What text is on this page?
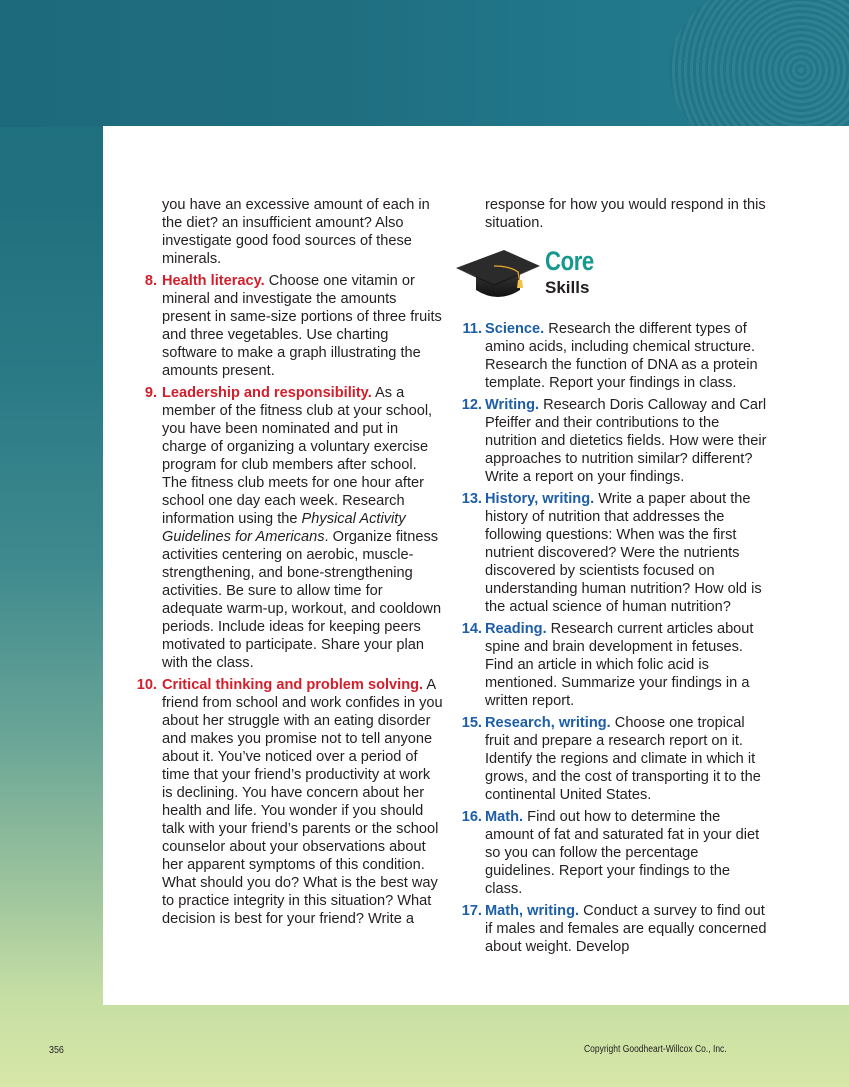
you have an excessive amount of each in the diet? an insufficient amount? Also investigate good food sources of these minerals.
8. Health literacy. Choose one vitamin or mineral and investigate the amounts present in same-size portions of three fruits and three vegetables. Use charting software to make a graph illustrating the amounts present.
9. Leadership and responsibility. As a member of the fitness club at your school, you have been nominated and put in charge of organizing a voluntary exercise program for club members after school. The fitness club meets for one hour after school one day each week. Research information using the Physical Activity Guidelines for Americans. Organize fitness activities centering on aerobic, muscle-strengthening, and bone-strengthening activities. Be sure to allow time for adequate warm-up, workout, and cooldown periods. Include ideas for keeping peers motivated to participate. Share your plan with the class.
10. Critical thinking and problem solving. A friend from school and work confides in you about her struggle with an eating disorder and makes you promise not to tell anyone about it. You’ve noticed over a period of time that your friend’s productivity at work is declining. You have concern about her health and life. You wonder if you should talk with your friend’s parents or the school counselor about your observations about her apparent symptoms of this condition. What should you do? What is the best way to practice integrity in this situation? What decision is best for your friend? Write a
response for how you would respond in this situation.
Core
Skills
11. Science. Research the different types of amino acids, including chemical structure. Research the function of DNA as a protein template. Report your findings in class.
12. Writing. Research Doris Calloway and Carl Pfeiffer and their contributions to the nutrition and dietetics fields. How were their approaches to nutrition similar? different? Write a report on your findings.
13. History, writing. Write a paper about the history of nutrition that addresses the following questions: When was the first nutrient discovered? Were the nutrients discovered by scientists focused on understanding human nutrition? How old is the actual science of human nutrition?
14. Reading. Research current articles about spine and brain development in fetuses. Find an article in which folic acid is mentioned. Summarize your findings in a written report.
15. Research, writing. Choose one tropical fruit and prepare a research report on it. Identify the regions and climate in which it grows, and the cost of transporting it to the continental United States.
16. Math. Find out how to determine the amount of fat and saturated fat in your diet so you can follow the percentage guidelines. Report your findings to the class.
17. Math, writing. Conduct a survey to find out if males and females are equally concerned about weight. Develop
356	Copyright Goodheart-Willcox Co., Inc.
